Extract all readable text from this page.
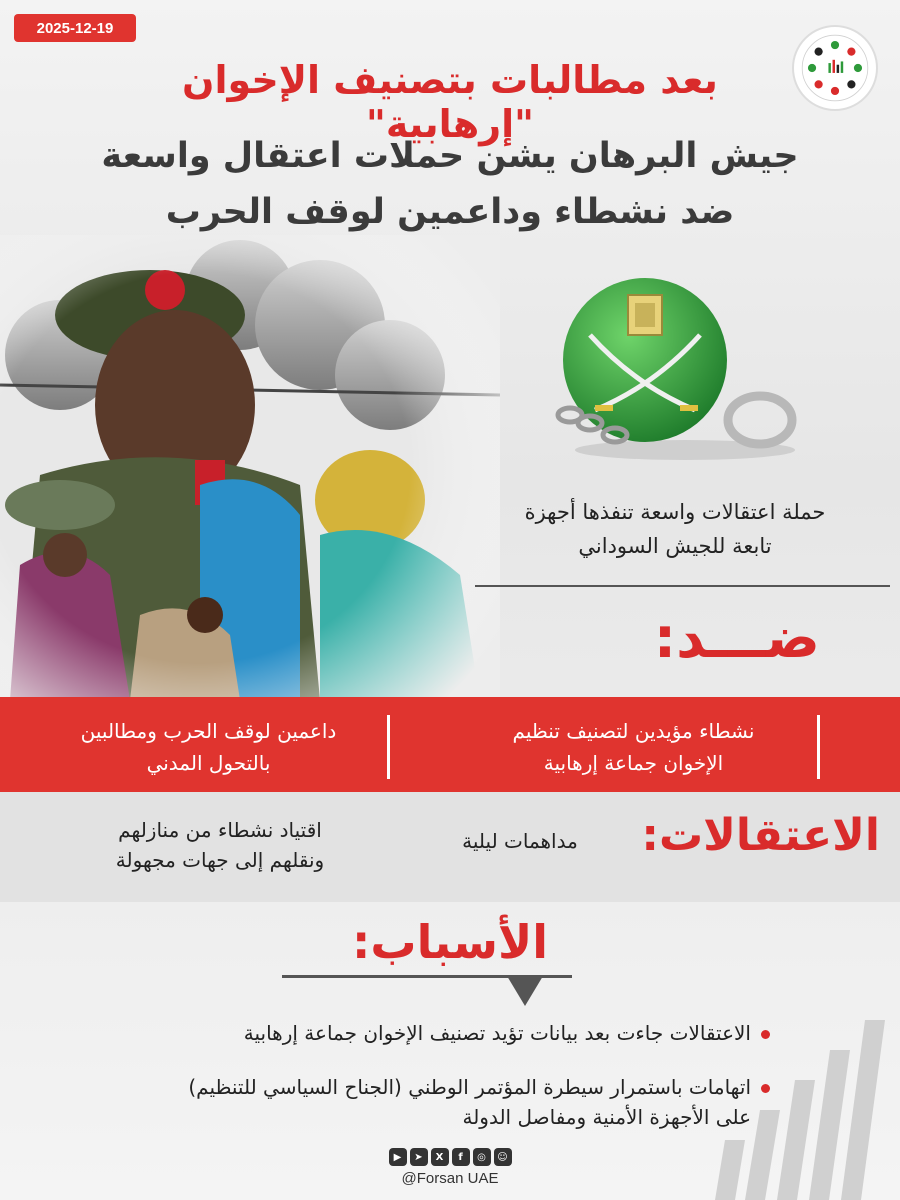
2025-12-19
بعد مطالبات بتصنيف الإخوان "إرهابية"
جيش البرهان يشن حملات اعتقال واسعة
ضد نشطاء وداعمين لوقف الحرب
حملة اعتقالات واسعة تنفذها أجهزة
تابعة للجيش السوداني
ضـــد:
نشطاء مؤيدين لتصنيف تنظيم
الإخوان جماعة إرهابية
داعمين لوقف الحرب ومطالبين
بالتحول المدني
الاعتقالات:
مداهمات ليلية
اقتياد نشطاء من منازلهم
ونقلهم إلى جهات مجهولة
الأسباب:
الاعتقالات جاءت بعد بيانات تؤيد تصنيف الإخوان جماعة إرهابية
اتهامات باستمرار سيطرة المؤتمر الوطني (الجناح السياسي للتنظيم)
على الأجهزة الأمنية ومفاصل الدولة
▶	➤	X	f	◎	☺
@Forsan UAE
